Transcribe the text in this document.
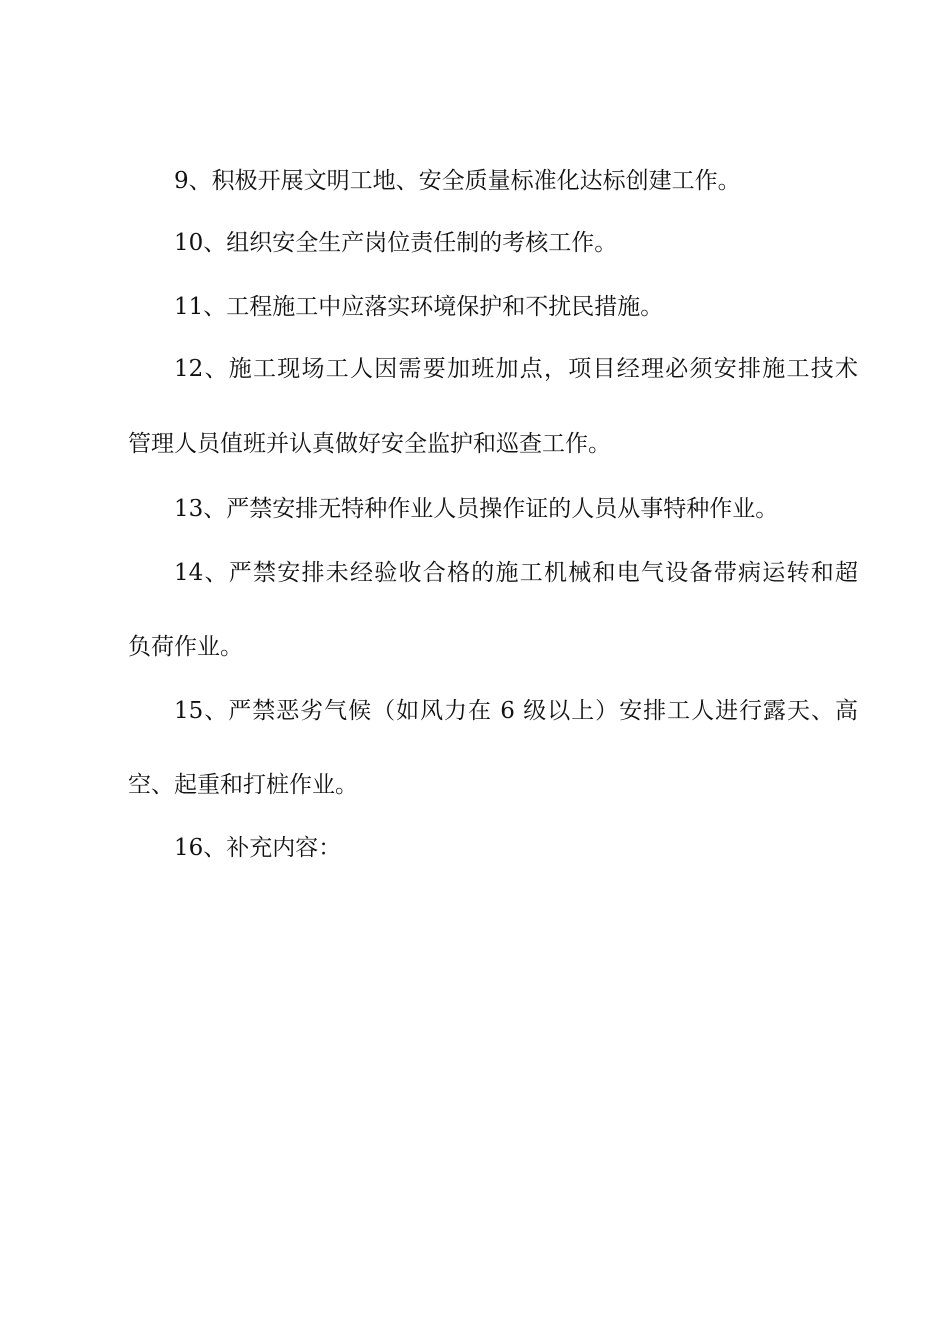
9、积极开展文明工地、安全质量标准化达标创建工作。
10、组织安全生产岗位责任制的考核工作。
11、工程施工中应落实环境保护和不扰民措施。
12、施工现场工人因需要加班加点，项目经理必须安排施工技术
管理人员值班并认真做好安全监护和巡查工作。
13、严禁安排无特种作业人员操作证的人员从事特种作业。
14、严禁安排未经验收合格的施工机械和电气设备带病运转和超
负荷作业。
15、严禁恶劣气候（如风力在 6 级以上）安排工人进行露天、高
空、起重和打桩作业。
16、补充内容：
